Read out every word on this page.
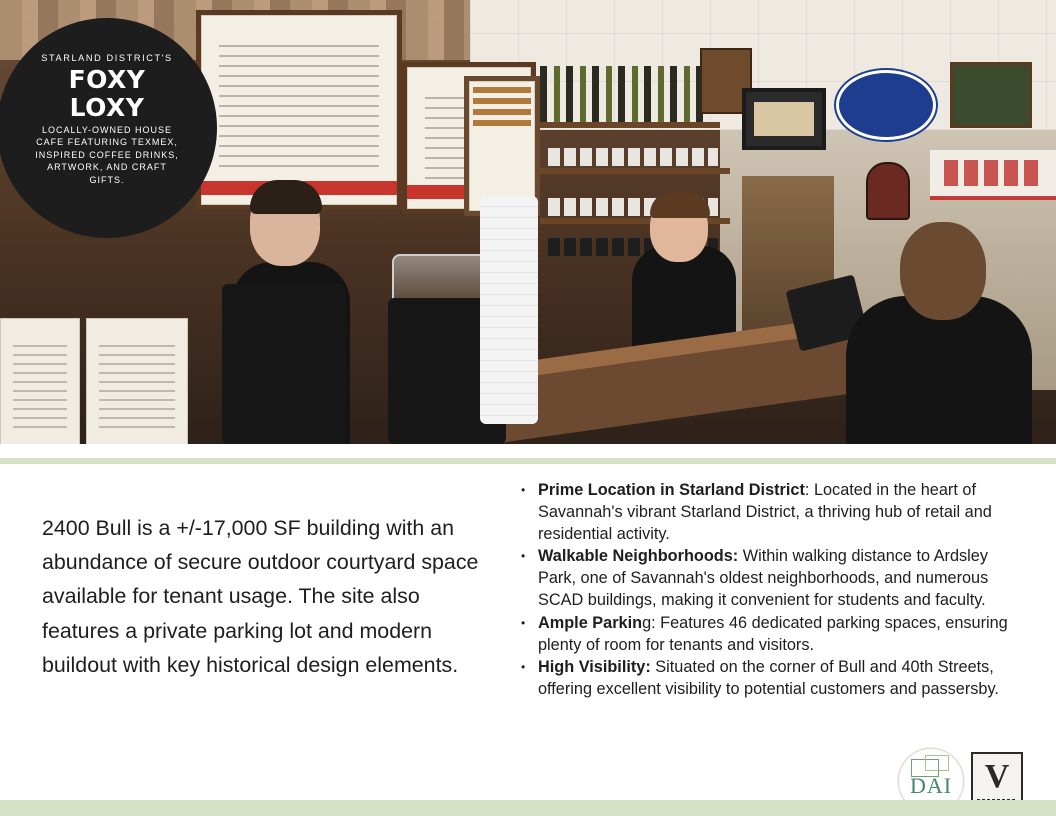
STARLAND DISTRICT'S
FOXY LOXY
LOCALLY-OWNED HOUSE CAFE FEATURING TEXMEX, INSPIRED COFFEE DRINKS, ARTWORK, AND CRAFT GIFTS.

2400 Bull is a +/-17,000 SF building with an abundance of secure outdoor courtyard space available for tenant usage. The site also features a private parking lot and modern buildout with key historical design elements.

• Prime Location in Starland District: Located in the heart of Savannah's vibrant Starland District, a thriving hub of retail and residential activity.
• Walkable Neighborhoods: Within walking distance to Ardsley Park, one of Savannah's oldest neighborhoods, and numerous SCAD buildings, making it convenient for students and faculty.
• Ample Parking: Features 46 dedicated parking spaces, ensuring plenty of room for tenants and visitors.
• High Visibility: Situated on the corner of Bull and 40th Streets, offering excellent visibility to potential customers and passersby.
DAI V
